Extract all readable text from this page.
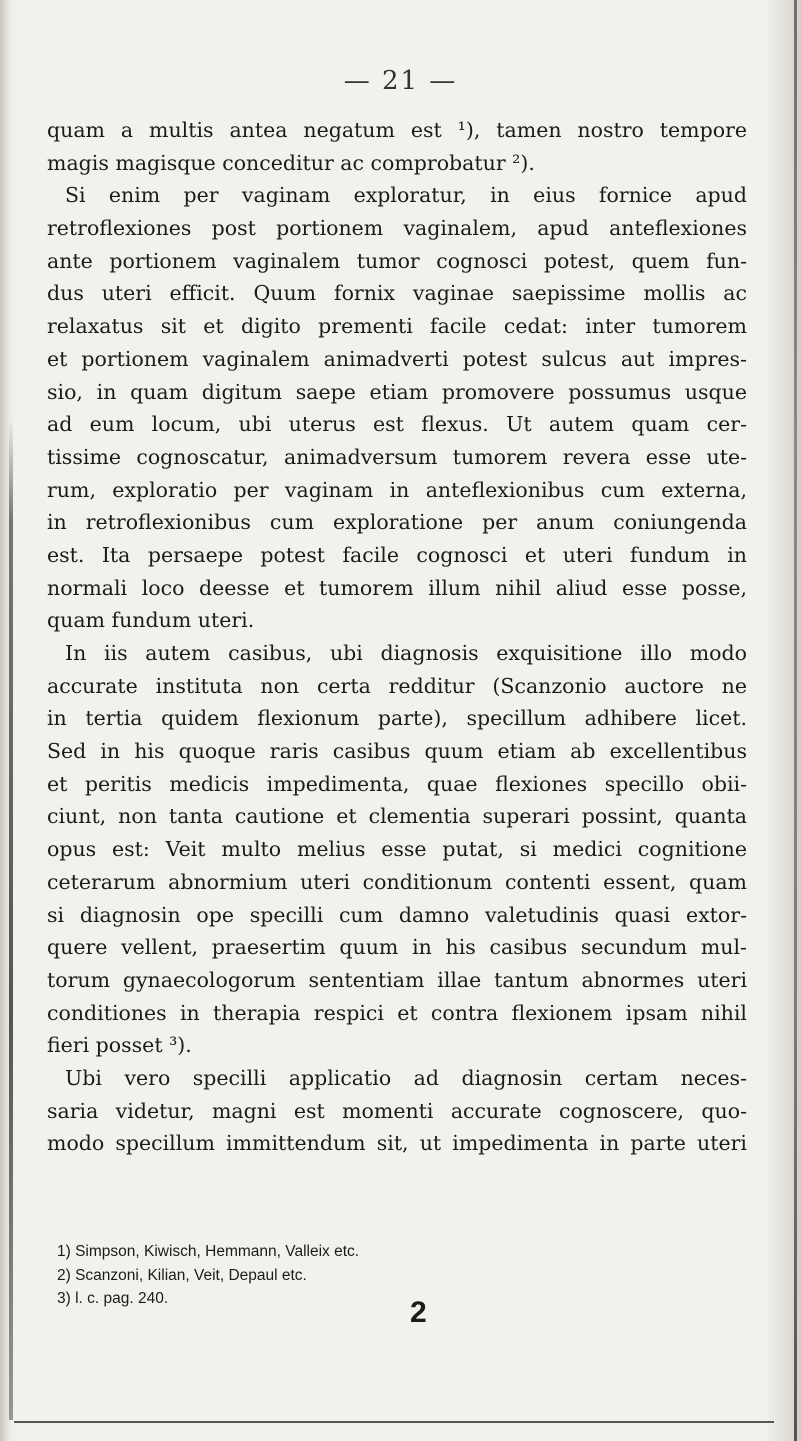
— 21 —
quam a multis antea negatum est ¹), tamen nostro tempore
magis magisque conceditur ac comprobatur ²).
Si enim per vaginam exploratur, in eius fornice apud
retroflexiones post portionem vaginalem, apud anteflexiones
ante portionem vaginalem tumor cognosci potest, quem fun-
dus uteri efficit. Quum fornix vaginae saepissime mollis ac
relaxatus sit et digito prementi facile cedat: inter tumorem
et portionem vaginalem animadverti potest sulcus aut impres-
sio, in quam digitum saepe etiam promovere possumus usque
ad eum locum, ubi uterus est flexus. Ut autem quam cer-
tissime cognoscatur, animadversum tumorem revera esse ute-
rum, exploratio per vaginam in anteflexionibus cum externa,
in retroflexionibus cum exploratione per anum coniungenda
est. Ita persaepe potest facile cognosci et uteri fundum in
normali loco deesse et tumorem illum nihil aliud esse posse,
quam fundum uteri.
In iis autem casibus, ubi diagnosis exquisitione illo modo
accurate instituta non certa redditur (Scanzonio auctore ne
in tertia quidem flexionum parte), specillum adhibere licet.
Sed in his quoque raris casibus quum etiam ab excellentibus
et peritis medicis impedimenta, quae flexiones specillo obii-
ciunt, non tanta cautione et clementia superari possint, quanta
opus est: Veit multo melius esse putat, si medici cognitione
ceterarum abnormium uteri conditionum contenti essent, quam
si diagnosin ope specilli cum damno valetudinis quasi extor-
quere vellent, praesertim quum in his casibus secundum mul-
torum gynaecologorum sententiam illae tantum abnormes uteri
conditiones in therapia respici et contra flexionem ipsam nihil
fieri posset ³).
Ubi vero specilli applicatio ad diagnosin certam neces-
saria videtur, magni est momenti accurate cognoscere, quo-
modo specillum immittendum sit, ut impedimenta in parte uteri
1) Simpson, Kiwisch, Hemmann, Valleix etc.
2) Scanzoni, Kilian, Veit, Depaul etc.
3) l. c. pag. 240.	2
